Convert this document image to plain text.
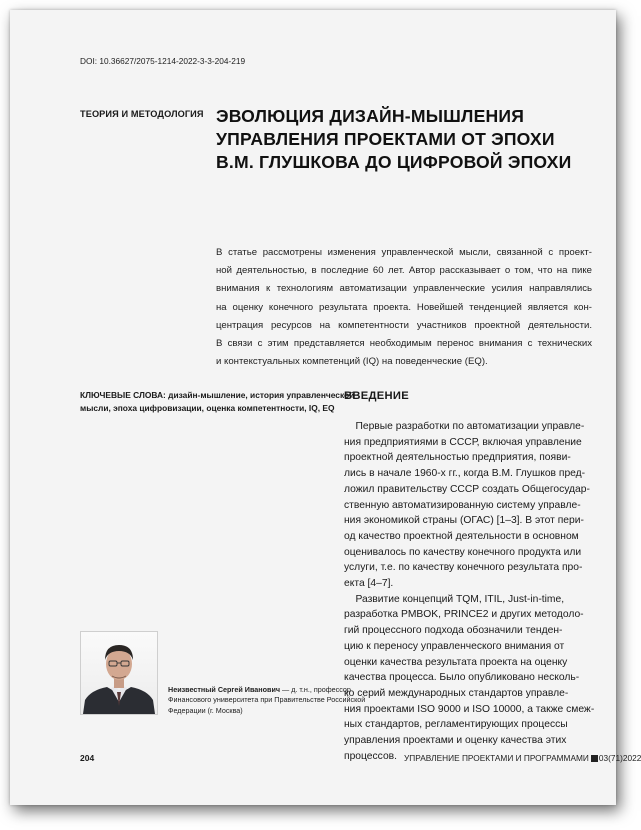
DOI: 10.36627/2075-1214-2022-3-3-204-219
ТЕОРИЯ И МЕТОДОЛОГИЯ ЭВОЛЮЦИЯ ДИЗАЙН-МЫШЛЕНИЯ
УПРАВЛЕНИЯ ПРОЕКТАМИ ОТ ЭПОХИ
В.М. ГЛУШКОВА ДО ЦИФРОВОЙ ЭПОХИ
В статье рассмотрены изменения управленческой мысли, связанной с проект-
ной деятельностью, в последние 60 лет. Автор рассказывает о том, что на пике
внимания к технологиям автоматизации управленческие усилия направлялись
на оценку конечного результата проекта. Новейшей тенденцией является кон-
центрация ресурсов на компетентности участников проектной деятельности.
В связи с этим представляется необходимым перенос внимания с технических
и контекстуальных компетенций (IQ) на поведенческие (EQ).
КЛЮЧЕВЫЕ СЛОВА: дизайн-мышление, история управленческой
мысли, эпоха цифровизации, оценка компетентности, IQ, EQ
ВВЕДЕНИЕ
Первые разработки по автоматизации управле-
ния предприятиями в СССР, включая управление
проектной деятельностью предприятия, появи-
лись в начале 1960-х гг., когда В.М. Глушков пред-
ложил правительству СССР создать Общегосудар-
ственную автоматизированную систему управле-
ния экономикой страны (ОГАС) [1–3]. В этот пери-
од качество проектной деятельности в основном
оценивалось по качеству конечного продукта или
услуги, т.е. по качеству конечного результата про-
екта [4–7].
Развитие концепций TQM, ITIL, Just-in-time,
разработка PMBOK, PRINCE2 и других методоло-
гий процессного подхода обозначили тенден-
цию к переносу управленческого внимания от
оценки качества результата проекта на оценку
качества процесса. Было опубликовано несколь-
ко серий международных стандартов управле-
ния проектами ISO 9000 и ISO 10000, а также смеж-
ных стандартов, регламентирующих процессы
управления проектами и оценку качества этих
процессов.
Неизвестный Сергей Иванович — д. т.н., профессор
Финансового университета при Правительстве Российской
Федерации (г. Москва)
204	УПРАВЛЕНИЕ ПРОЕКТАМИ И ПРОГРАММАМИ 03(71)2022
